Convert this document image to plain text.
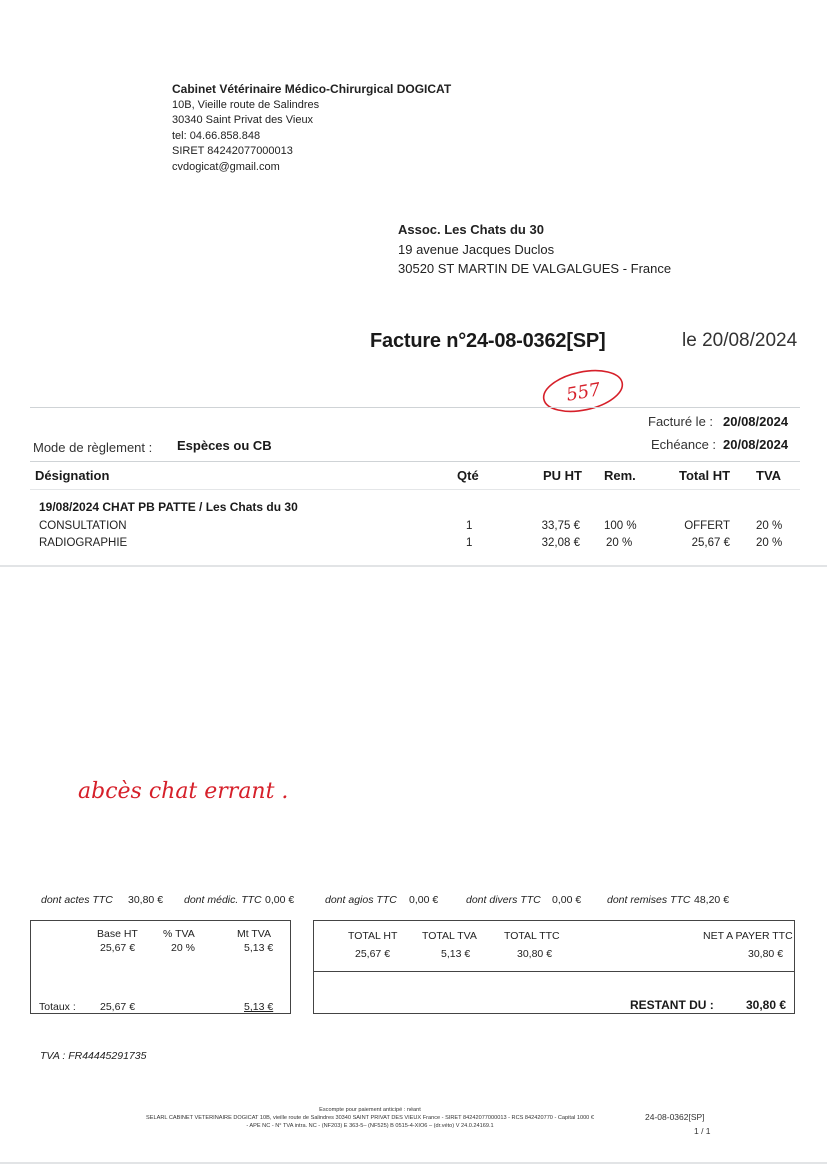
Cabinet Vétérinaire Médico-Chirurgical DOGICAT
10B, Vieille route de Salindres
30340 Saint Privat des Vieux
tel: 04.66.858.848
SIRET 84242077000013
cvdogicat@gmail.com
Assoc. Les Chats du 30
19 avenue Jacques Duclos
30520 ST MARTIN DE VALGALGUES - France
Facture n°24-08-0362[SP]	le 20/08/2024
557
Facturé le : 20/08/2024
Echéance : 20/08/2024
Mode de règlement : Espèces ou CB
Désignation	Qté	PU HT Rem.	Total HT TVA
19/08/2024 CHAT PB PATTE / Les Chats du 30
CONSULTATION	1	33,75 € 100 %	OFFERT 20 %
RADIOGRAPHIE	1	32,08 € 20 %	25,67 € 20 %
abcès chat errant .
dont actes TTC 30,80 € dont médic. TTC 0,00 €	dont agios TTC 0,00 €	dont divers TTC 0,00 € dont remises TTC 48,20 €
Base HT % TVA	Mt TVA
25,67 €	20 %	5,13 €
Totaux : 25,67 €	5,13 €
TOTAL HT TOTAL TVA	TOTAL TTC	NET A PAYER TTC
25,67 €	5,13 €	30,80 €	30,80 €
RESTANT DU :	30,80 €
TVA : FR44445291735
Escompte pour paiement anticipé : néant
SELARL CABINET VETERINAIRE DOGICAT 10B, vieille route de Salindres 30340 SAINT PRIVAT DES VIEUX France - SIRET 84242077000013 - RCS 842420770 - Capital 1000 €
- APE NC - N° TVA intra. NC - (NF203) E 363-5– (NF525) B 0515-4-XIO6 – (dr.véto) V 24.0.24169.1
24-08-0362[SP]
1 / 1
